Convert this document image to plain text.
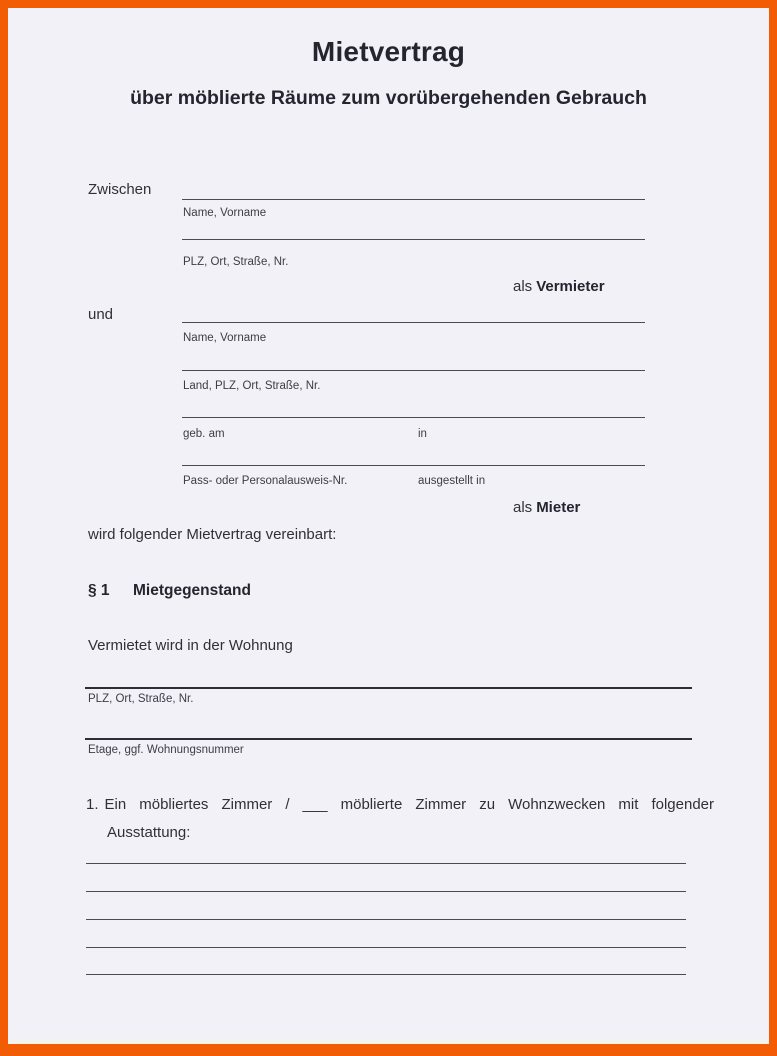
Mietvertrag
über möblierte Räume zum vorübergehenden Gebrauch
Zwischen
Name, Vorname
PLZ, Ort, Straße, Nr.
als Vermieter
und
Name, Vorname
Land, PLZ, Ort, Straße, Nr.
geb. am	in
Pass- oder Personalausweis-Nr.	ausgestellt in
als Mieter
wird folgender Mietvertrag vereinbart:
§ 1 Mietgegenstand
Vermietet wird in der Wohnung
PLZ, Ort, Straße, Nr.
Etage, ggf. Wohnungsnummer
1. Ein möbliertes Zimmer / ___ möblierte Zimmer zu Wohnzwecken mit folgender Ausstattung:
